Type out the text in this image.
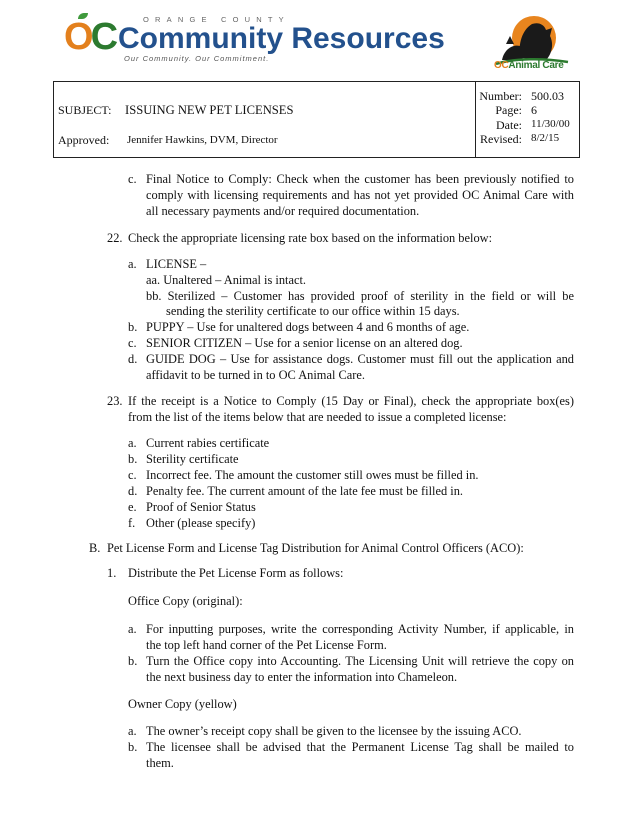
ORANGE COUNTY
OC Community Resources
Our Community. Our Commitment.
OCAnimal Care
SUBJECT: ISSUING NEW PET LICENSES
Approved: Jennifer Hawkins, DVM, Director
Number: 500.03
Page: 6
Date: 11/30/00
Revised: 8/2/15
c. Final Notice to Comply: Check when the customer has been previously notified to
comply with licensing requirements and has not yet provided OC Animal Care with
all necessary payments and/or required documentation.
22. Check the appropriate licensing rate box based on the information below:
a. LICENSE –
aa. Unaltered – Animal is intact.
bb. Sterilized – Customer has provided proof of sterility in the field or will be
sending the sterility certificate to our office within 15 days.
b. PUPPY – Use for unaltered dogs between 4 and 6 months of age.
c. SENIOR CITIZEN – Use for a senior license on an altered dog.
d. GUIDE DOG – Use for assistance dogs. Customer must fill out the application and
affidavit to be turned in to OC Animal Care.
23. If the receipt is a Notice to Comply (15 Day or Final), check the appropriate box(es)
from the list of the items below that are needed to issue a completed license:
a. Current rabies certificate
b. Sterility certificate
c. Incorrect fee. The amount the customer still owes must be filled in.
d. Penalty fee. The current amount of the late fee must be filled in.
e. Proof of Senior Status
f. Other (please specify)
B. Pet License Form and License Tag Distribution for Animal Control Officers (ACO):
1. Distribute the Pet License Form as follows:
Office Copy (original):
a. For inputting purposes, write the corresponding Activity Number, if applicable, in
the top left hand corner of the Pet License Form.
b. Turn the Office copy into Accounting. The Licensing Unit will retrieve the copy on
the next business day to enter the information into Chameleon.
Owner Copy (yellow)
a. The owner’s receipt copy shall be given to the licensee by the issuing ACO.
b. The licensee shall be advised that the Permanent License Tag shall be mailed to
them.
